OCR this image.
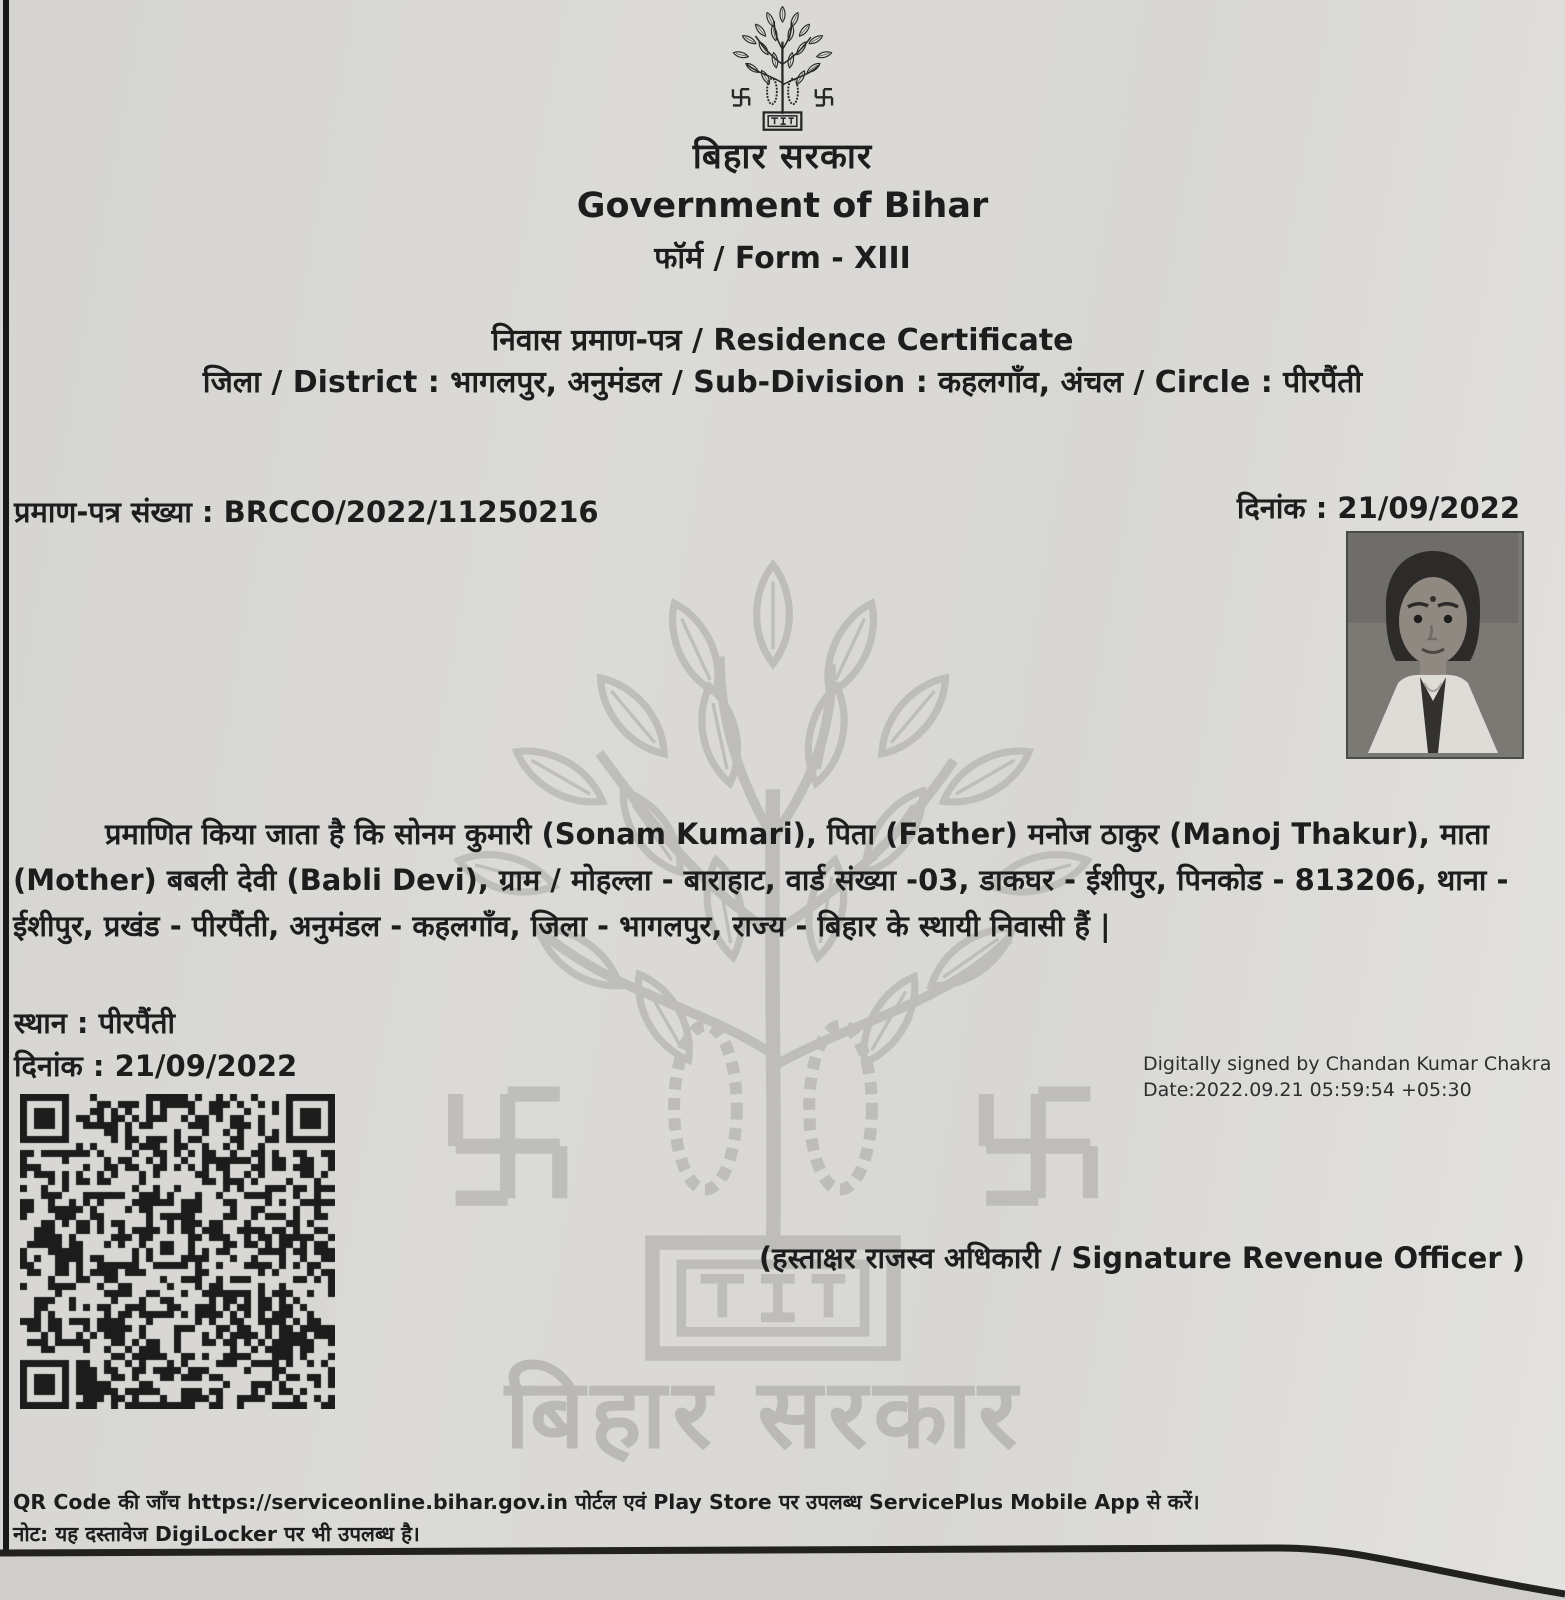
बिहार सरकार
बिहार सरकार
Government of Bihar
फॉर्म / Form - XIII
निवास प्रमाण-पत्र / Residence Certificate
जिला / District : भागलपुर, अनुमंडल / Sub-Division : कहलगाँव, अंचल / Circle : पीरपैंती
प्रमाण-पत्र संख्या : BRCCO/2022/11250216	दिनांक : 21/09/2022
प्रमाणित किया जाता है कि सोनम कुमारी (Sonam Kumari), पिता (Father) मनोज ठाकुर (Manoj Thakur), माता (Mother) बबली देवी (Babli Devi), ग्राम / मोहल्ला - बाराहाट, वार्ड संख्या -03, डाकघर - ईशीपुर, पिनकोड - 813206, थाना - ईशीपुर, प्रखंड - पीरपैंती, अनुमंडल - कहलगाँव, जिला - भागलपुर, राज्य - बिहार के स्थायी निवासी हैं |
स्थान : पीरपैंती
दिनांक : 21/09/2022	Digitally signed by Chandan Kumar Chakra
Date:2022.09.21 05:59:54 +05:30
(हस्ताक्षर राजस्व अधिकारी / Signature Revenue Officer )
QR Code की जाँच https://serviceonline.bihar.gov.in पोर्टल एवं Play Store पर उपलब्ध ServicePlus Mobile App से करें।
नोट: यह दस्तावेज DigiLocker पर भी उपलब्ध है।
